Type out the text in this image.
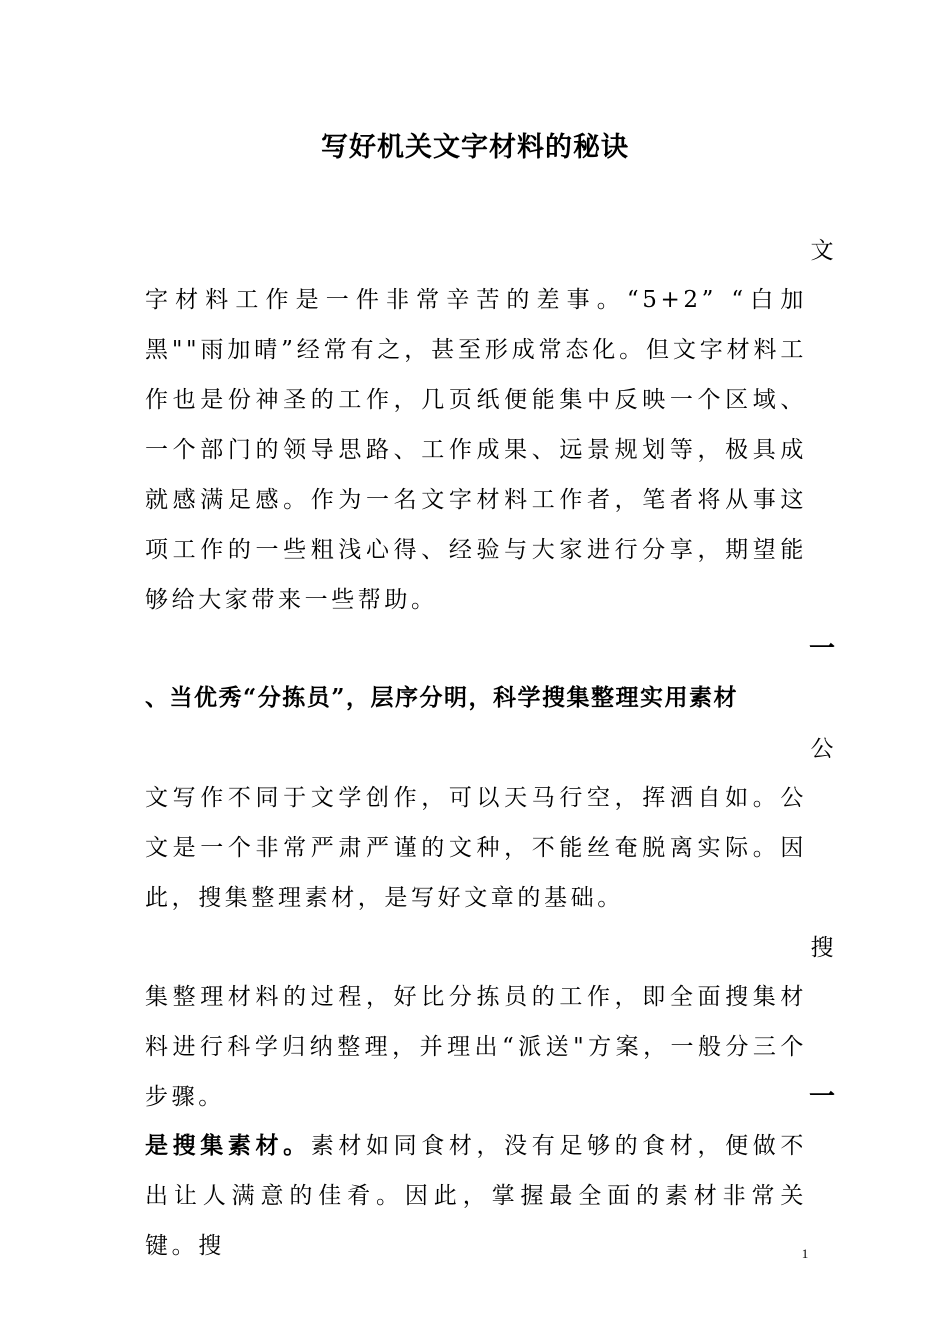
写好机关文字材料的秘诀
文
字材料工作是一件非常辛苦的差事。“5+2” “白加黑""雨加晴”经常有之，甚至形成常态化。但文字材料工作也是份神圣的工作，几页纸便能集中反映一个区域、一个部门的领导思路、工作成果、远景规划等，极具成就感满足感。作为一名文字材料工作者，笔者将从事这项工作的一些粗浅心得、经验与大家进行分享，期望能够给大家带来一些帮助。
一
、当优秀“分拣员”，层序分明，科学搜集整理实用素材
公
文写作不同于文学创作，可以天马行空，挥洒自如。公文是一个非常严肃严谨的文种，不能丝奄脱离实际。因此，搜集整理素材，是写好文章的基础。
搜
集整理材料的过程，好比分拣员的工作，即全面搜集材料进行科学归纳整理，并理出“派送"方案，一般分三个步骤。	一
是搜集素材。素材如同食材，没有足够的食材，便做不出让人满意的佳肴。因此，掌握最全面的素材非常关键。搜	1
